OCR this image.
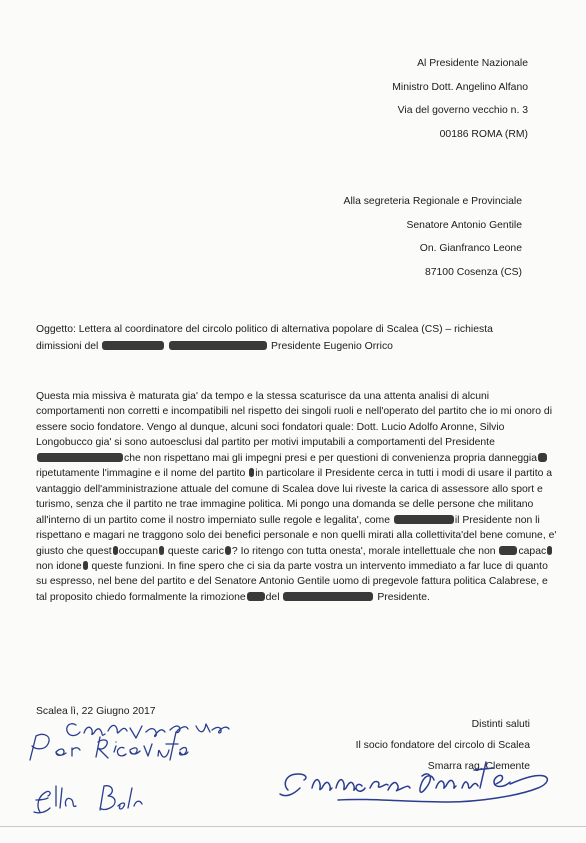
Al Presidente Nazionale
Ministro Dott. Angelino Alfano
Via del governo vecchio n. 3
00186 ROMA (RM)
Alla segreteria Regionale e Provinciale
Senatore Antonio Gentile
On. Gianfranco Leone
87100 Cosenza (CS)
Oggetto: Lettera al coordinatore del circolo politico di alternativa popolare di Scalea (CS) – richiesta
dimissioni del	Presidente Eugenio Orrico
Questa mia missiva è maturata gia' da tempo e la stessa scaturisce da una attenta analisi di alcuni comportamenti non corretti e incompatibili nel rispetto dei singoli ruoli e nell'operato del partito che io mi onoro di essere socio fondatore. Vengo al dunque, alcuni soci fondatori quale: Dott. Lucio Adolfo Aronne, Silvio Longobucco gia' si sono autoesclusi dal partito per motivi imputabili a comportamenti del Presidente
che non rispettano mai gli impegni presi e per questioni di convenienza propria danneggiaripetutamente l'immagine e il nome del partito in particolare il Presidente cerca in tutti i modi di usare il partito a vantaggio dell'amministrazione attuale del comune di Scalea dove lui riveste la carica di assessore allo sport e turismo, senza che il partito ne trae immagine politica. Mi pongo una domanda se delle persone che militano all'interno di un partito come il nostro imperniato sulle regole e legalita', come	il Presidente non li rispettano e magari ne traggono solo dei benefici personale e non quelli mirati alla collettivita'del bene comune, e' giusto che quest occupan queste caric ? Io ritengo con tutta onesta', morale intellettuale che non capac non idone queste funzioni. In fine spero che ci sia da parte vostra un intervento immediato a far luce di quanto su espresso, nel bene del partito e del Senatore Antonio Gentile uomo di pregevole fattura politica Calabrese, e tal proposito chiedo formalmente la rimozione del	Presidente.
Scalea lì, 22 Giugno 2017
Distinti saluti
Il socio fondatore del circolo di Scalea
Smarra rag. Clemente
